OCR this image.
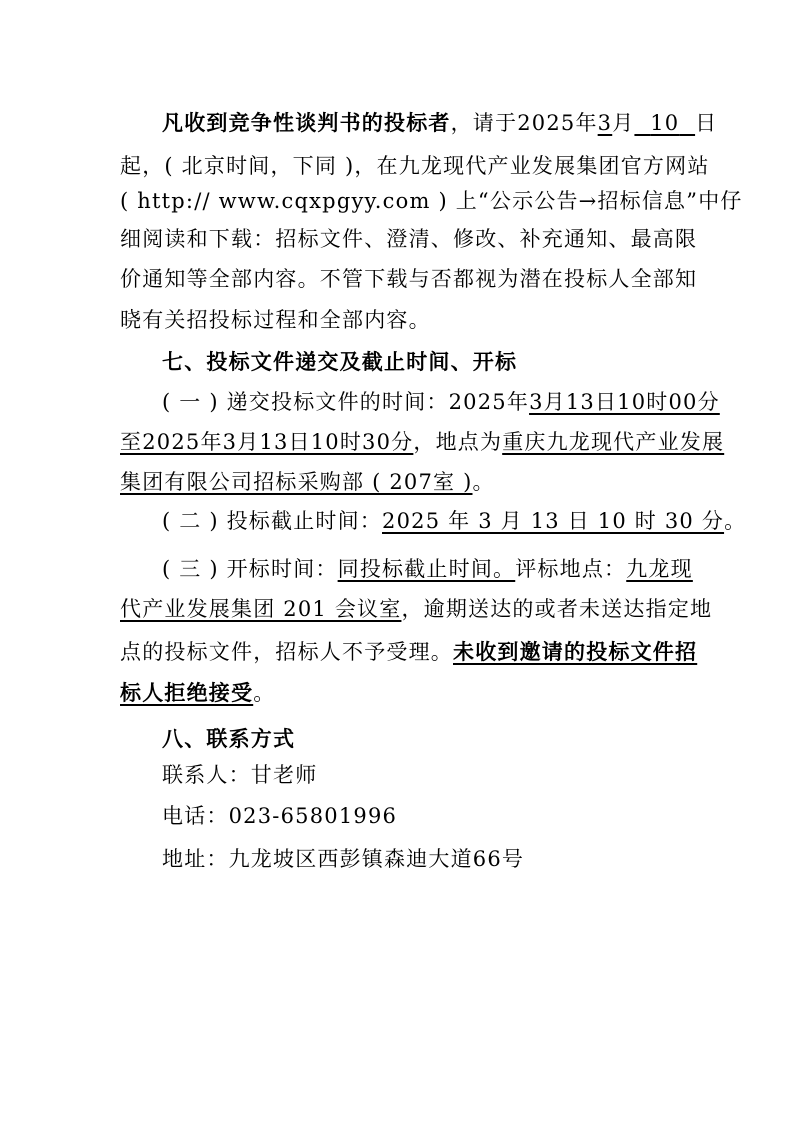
凡收到竞争性谈判书的投标者，请于2025年3月 10 日
起，( 北京时间，下同 )，在九龙现代产业发展集团官方网站
( http:// www.cqxpgyy.com ) 上“公示公告→招标信息”中仔
细阅读和下载：招标文件、澄清、修改、补充通知、最高限
价通知等全部内容。不管下载与否都视为潜在投标人全部知
晓有关招投标过程和全部内容。
七、投标文件递交及截止时间、开标
( 一 ) 递交投标文件的时间：2025年3月13日10时00分
至2025年3月13日10时30分，地点为重庆九龙现代产业发展
集团有限公司招标采购部 ( 207室 )。
( 二 ) 投标截止时间：2025 年 3 月 13 日 10 时 30 分。
( 三 ) 开标时间：同投标截止时间。评标地点：九龙现
代产业发展集团 201 会议室，逾期送达的或者未送达指定地
点的投标文件，招标人不予受理。未收到邀请的投标文件招
标人拒绝接受。
八、联系方式
联系人：甘老师
电话：023-65801996
地址：九龙坡区西彭镇森迪大道66号
